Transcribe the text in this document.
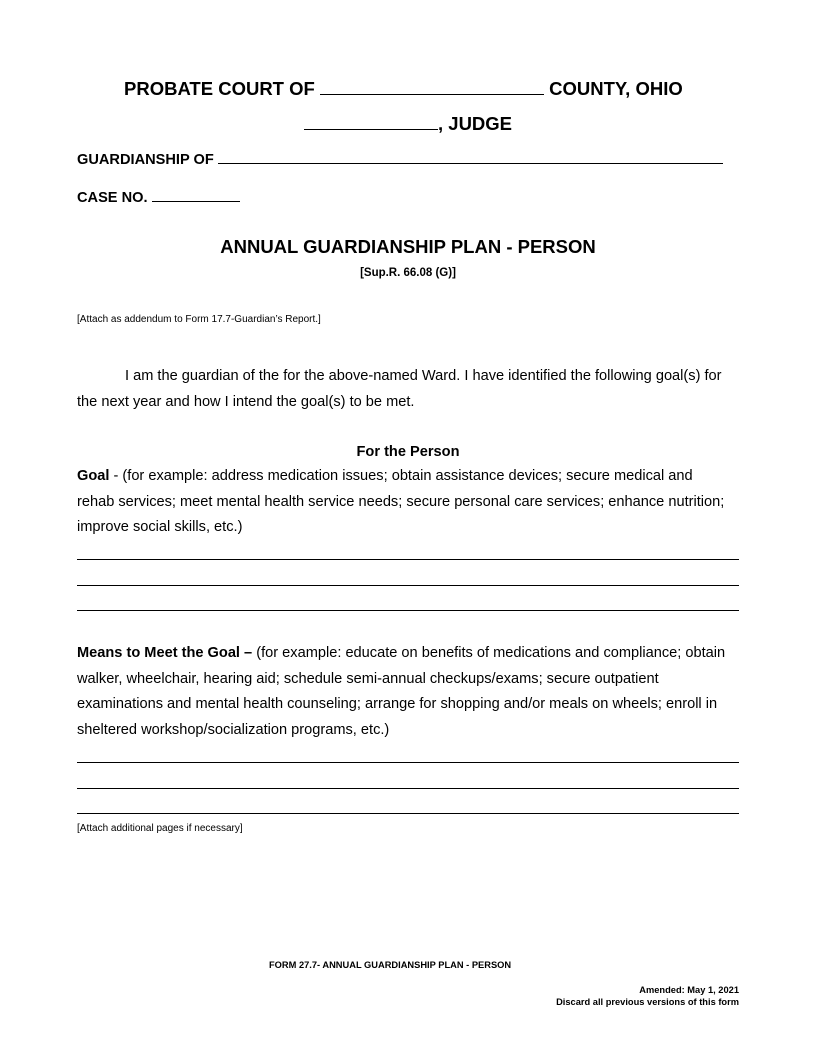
PROBATE COURT OF	COUNTY, OHIO
, JUDGE
GUARDIANSHIP OF
CASE NO.
ANNUAL GUARDIANSHIP PLAN - PERSON
[Sup.R. 66.08 (G)]
[Attach as addendum to Form 17.7-Guardian’s Report.]
I am the guardian of the for the above-named Ward. I have identified the following goal(s) for
the next year and how I intend the goal(s) to be met.
For the Person
Goal - (for example: address medication issues; obtain assistance devices; secure medical and
rehab services; meet mental health service needs; secure personal care services; enhance nutrition;
improve social skills, etc.)
Means to Meet the Goal – (for example: educate on benefits of medications and compliance; obtain
walker, wheelchair, hearing aid; schedule semi-annual checkups/exams; secure outpatient
examinations and mental health counseling; arrange for shopping and/or meals on wheels; enroll in
sheltered workshop/socialization programs, etc.)
[Attach additional pages if necessary]
FORM 27.7- ANNUAL GUARDIANSHIP PLAN - PERSON
Amended: May 1, 2021
Discard all previous versions of this form
